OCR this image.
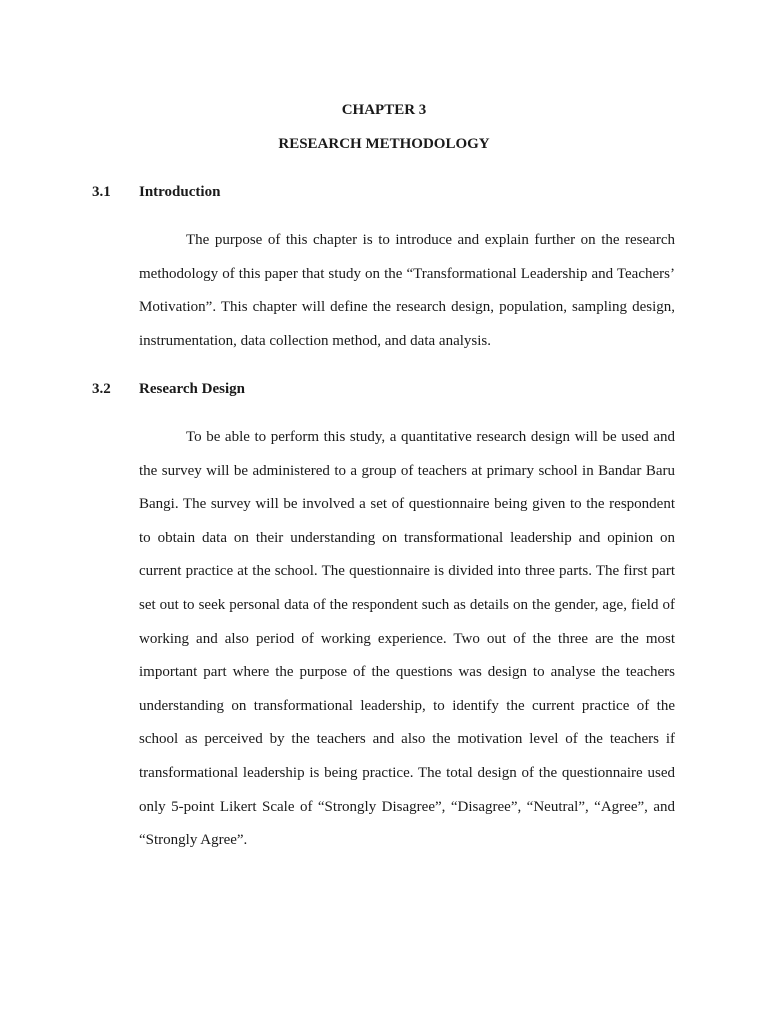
CHAPTER 3
RESEARCH METHODOLOGY
3.1 Introduction

The purpose of this chapter is to introduce and explain further on the research methodology of this paper that study on the “Transformational Leadership and Teachers’ Motivation”. This chapter will define the research design, population, sampling design, instrumentation, data collection method, and data analysis.

3.2 Research Design

To be able to perform this study, a quantitative research design will be used and the survey will be administered to a group of teachers at primary school in Bandar Baru Bangi. The survey will be involved a set of questionnaire being given to the respondent to obtain data on their understanding on transformational leadership and opinion on current practice at the school. The questionnaire is divided into three parts. The first part set out to seek personal data of the respondent such as details on the gender, age, field of working and also period of working experience. Two out of the three are the most important part where the purpose of the questions was design to analyse the teachers understanding on transformational leadership, to identify the current practice of the school as perceived by the teachers and also the motivation level of the teachers if transformational leadership is being practice. The total design of the questionnaire used only 5-point Likert Scale of “Strongly Disagree”, “Disagree”, “Neutral”, “Agree”, and “Strongly Agree”.
